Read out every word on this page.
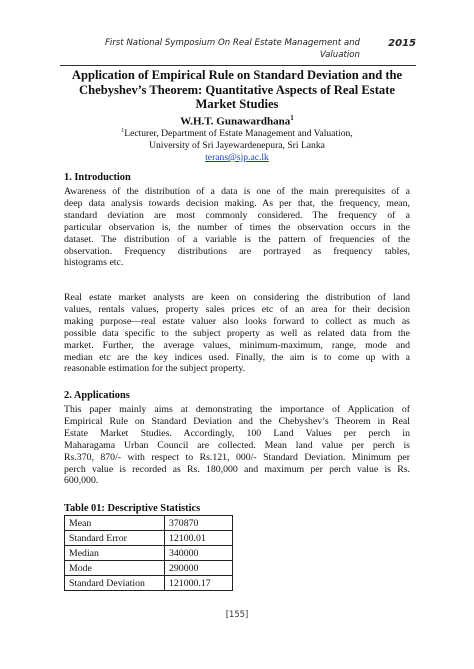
First National Symposium On Real Estate Management and
Valuation
2015
Application of Empirical Rule on Standard Deviation and the
Chebyshev’s Theorem: Quantitative Aspects of Real Estate
Market Studies
W.H.T. Gunawardhana$^1$
$^1$Lecturer, Department of Estate Management and Valuation,
University of Sri Jayewardenepura, Sri Lanka
terans@sjp.ac.lk
1. Introduction
Awareness of the distribution of a data is one of the main prerequisites of a
deep data analysis towards decision making. As per that, the frequency, mean,
standard deviation are most commonly considered. The frequency of a
particular observation is, the number of times the observation occurs in the
dataset. The distribution of a variable is the pattern of frequencies of the
observation. Frequency distributions are portrayed as frequency tables,
histograms etc.
Real estate market analysts are keen on considering the distribution of land
values, rentals values, property sales prices etc of an area for their decision
making purpose—real estate valuer also looks forward to collect as much as
possible data specific to the subject property as well as related data from the
market. Further, the average values, minimum-maximum, range, mode and
median etc are the key indices used. Finally, the aim is to come up with a
reasonable estimation for the subject property.
2. Applications
This paper mainly aims at demonstrating the importance of Application of
Empirical Rule on Standard Deviation and the Chebyshev’s Theorem in Real
Estate Market Studies. Accordingly, 100 Land Values per perch in
Maharagama Urban Council are collected. Mean land value per perch is
Rs.370, 870/- with respect to Rs.121, 000/- Standard Deviation. Minimum per
perch value is recorded as Rs. 180,000 and maximum per perch value is Rs.
600,000.
Table 01: Descriptive Statistics
Mean	370870
Standard Error	12100.01
Median	340000
Mode	290000
Standard Deviation	121000.17
[155]
